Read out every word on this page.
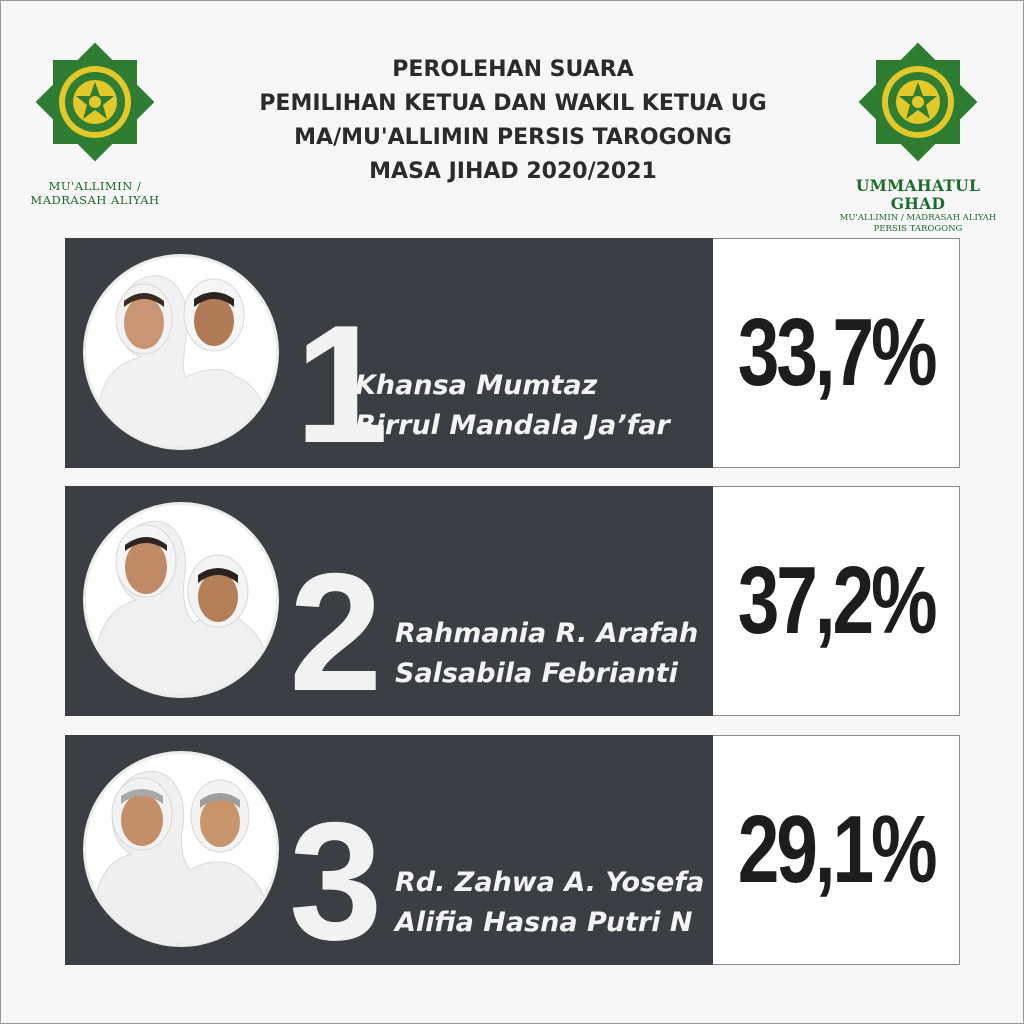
MU'ALLIMIN /
MADRASAH ALIYAH
PEROLEHAN SUARA
PEMILIHAN KETUA DAN WAKIL KETUA UG
MA/MU'ALLIMIN PERSIS TAROGONG
MASA JIHAD 2020/2021
UMMAHATUL GHAD
MU'ALLIMIN / MADRASAH ALIYAH
PERSIS TAROGONG
1
Khansa Mumtaz
Birrul Mandala Ja’far
33,7%
2 Rahmania R. Arafah
Salsabila Febrianti
37,2%
3 Rd. Zahwa A. Yosefa
Alifia Hasna Putri N
29,1%
